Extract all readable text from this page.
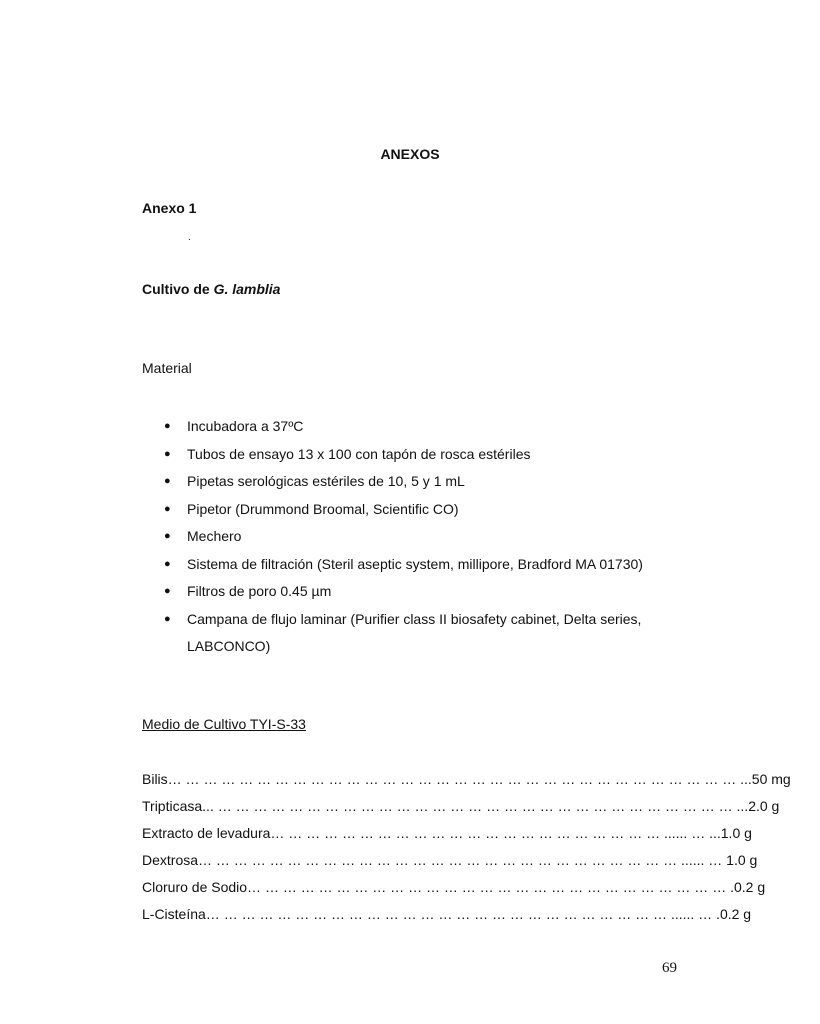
ANEXOS
Anexo 1
.
Cultivo de G. lamblia
Material
● Incubadora a 37ºC
● Tubos de ensayo 13 x 100 con tapón de rosca estériles
● Pipetas serológicas estériles de 10, 5 y 1 mL
● Pipetor (Drummond Broomal, Scientific CO)
● Mechero
● Sistema de filtración (Steril aseptic system, millipore, Bradford MA 01730)
● Filtros de poro 0.45 µm
● Campana de flujo laminar (Purifier class II biosafety cabinet, Delta series, LABCONCO)
Medio de Cultivo TYI-S-33
Bilis… … … … … … … … … … … … … … … … … … … … … … … … … … … … … … … … ...50 mg
Tripticasa... … … … … … … … … … … … … … … … … … … … … … … … … … … … … … ...2.0 g
Extracto de levadura… … … … … … … … … … … … … … … … … … … … … … ...... … ...1.0 g
Dextrosa… … … … … … … … … … … … … … … … … … … … … … … … … … … ...... … 1.0 g
Cloruro de Sodio… … … … … … … … … … … … … … … … … … … … … … … … … … … .0.2 g
L-Cisteína… … … … … … … … … … … … … … … … … … … … … … … … … … ...... … .0.2 g
69
